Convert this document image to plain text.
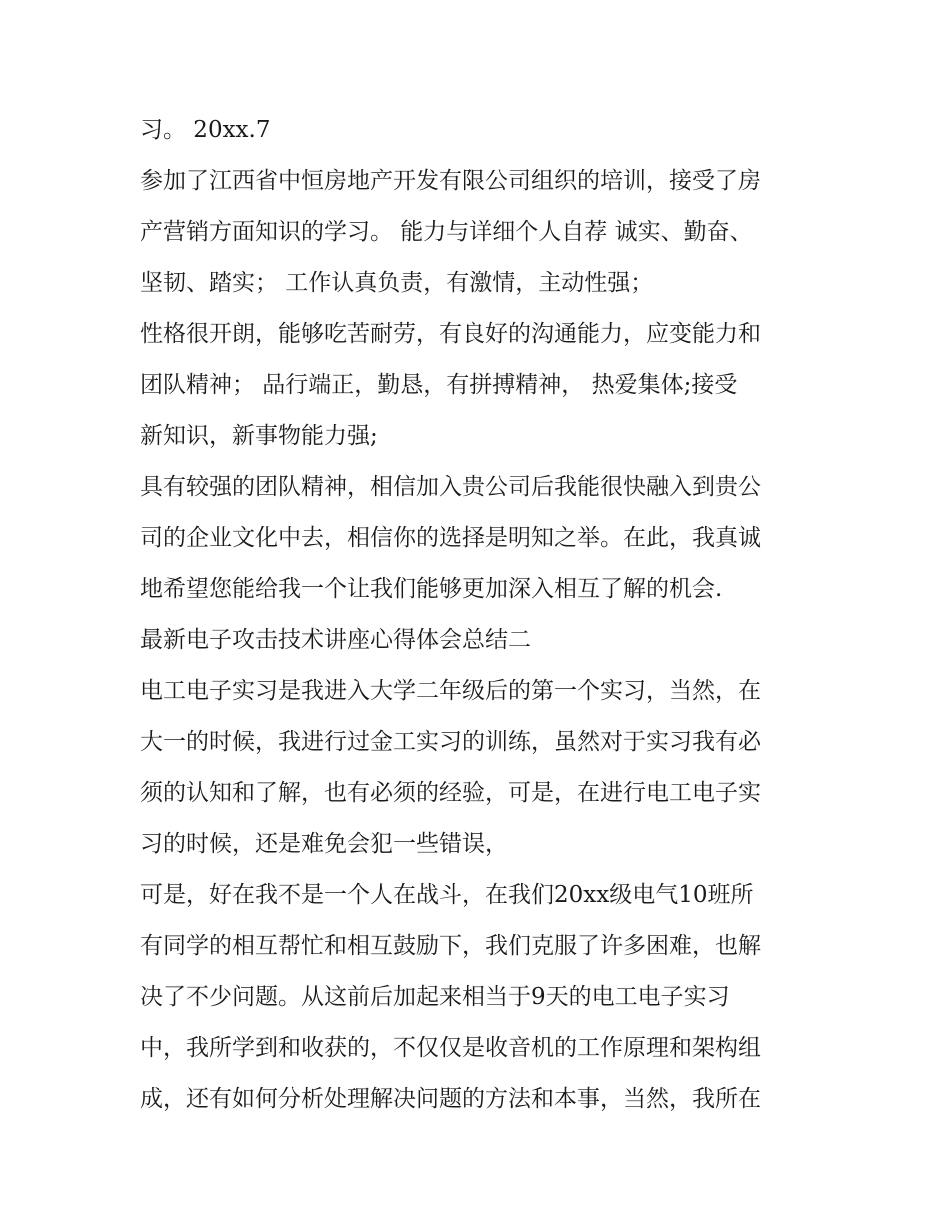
习。 20xx.7
参加了江西省中恒房地产开发有限公司组织的培训，接受了房
产营销方面知识的学习。 能力与详细个人自荐 诚实、勤奋、
坚韧、踏实； 工作认真负责，有激情，主动性强；
性格很开朗，能够吃苦耐劳，有良好的沟通能力，应变能力和
团队精神； 品行端正，勤恳，有拼搏精神， 热爱集体;接受
新知识，新事物能力强;
具有较强的团队精神，相信加入贵公司后我能很快融入到贵公
司的企业文化中去，相信你的选择是明知之举。在此，我真诚
地希望您能给我一个让我们能够更加深入相互了解的机会.
最新电子攻击技术讲座心得体会总结二
电工电子实习是我进入大学二年级后的第一个实习，当然，在
大一的时候，我进行过金工实习的训练，虽然对于实习我有必
须的认知和了解，也有必须的经验，可是，在进行电工电子实
习的时候，还是难免会犯一些错误，
可是，好在我不是一个人在战斗，在我们20xx级电气10班所
有同学的相互帮忙和相互鼓励下，我们克服了许多困难，也解
决了不少问题。从这前后加起来相当于9天的电工电子实习
中，我所学到和收获的，不仅仅是收音机的工作原理和架构组
成，还有如何分析处理解决问题的方法和本事，当然，我所在
